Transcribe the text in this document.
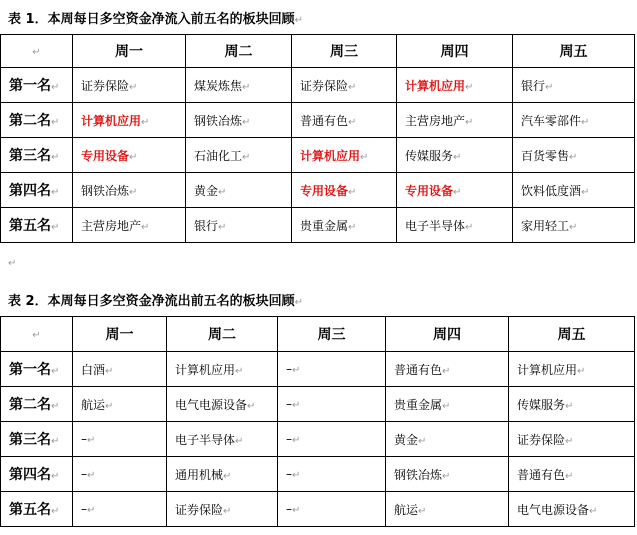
表 1．本周每日多空资金净流入前五名的板块回顾↵
↵	周一	周二	周三	周四	周五
第一名↵	证券保险↵	煤炭炼焦↵	证券保险↵	计算机应用↵	银行↵
第二名↵	计算机应用↵	钢铁冶炼↵	普通有色↵	主营房地产↵	汽车零部件↵
第三名↵	专用设备↵	石油化工↵	计算机应用↵	传媒服务↵	百货零售↵
第四名↵	钢铁冶炼↵	黄金↵	专用设备↵	专用设备↵	饮料低度酒↵
第五名↵	主营房地产↵	银行↵	贵重金属↵	电子半导体↵	家用轻工↵
↵
表 2．本周每日多空资金净流出前五名的板块回顾↵
↵	周一	周二	周三	周四	周五
第一名↵	白酒↵	计算机应用↵	–↵	普通有色↵	计算机应用↵
第二名↵	航运↵	电气电源设备↵	–↵	贵重金属↵	传媒服务↵
第三名↵	–↵	电子半导体↵	–↵	黄金↵	证券保险↵
第四名↵	–↵	通用机械↵	–↵	钢铁冶炼↵	普通有色↵
第五名↵	–↵	证券保险↵	–↵	航运↵	电气电源设备↵
